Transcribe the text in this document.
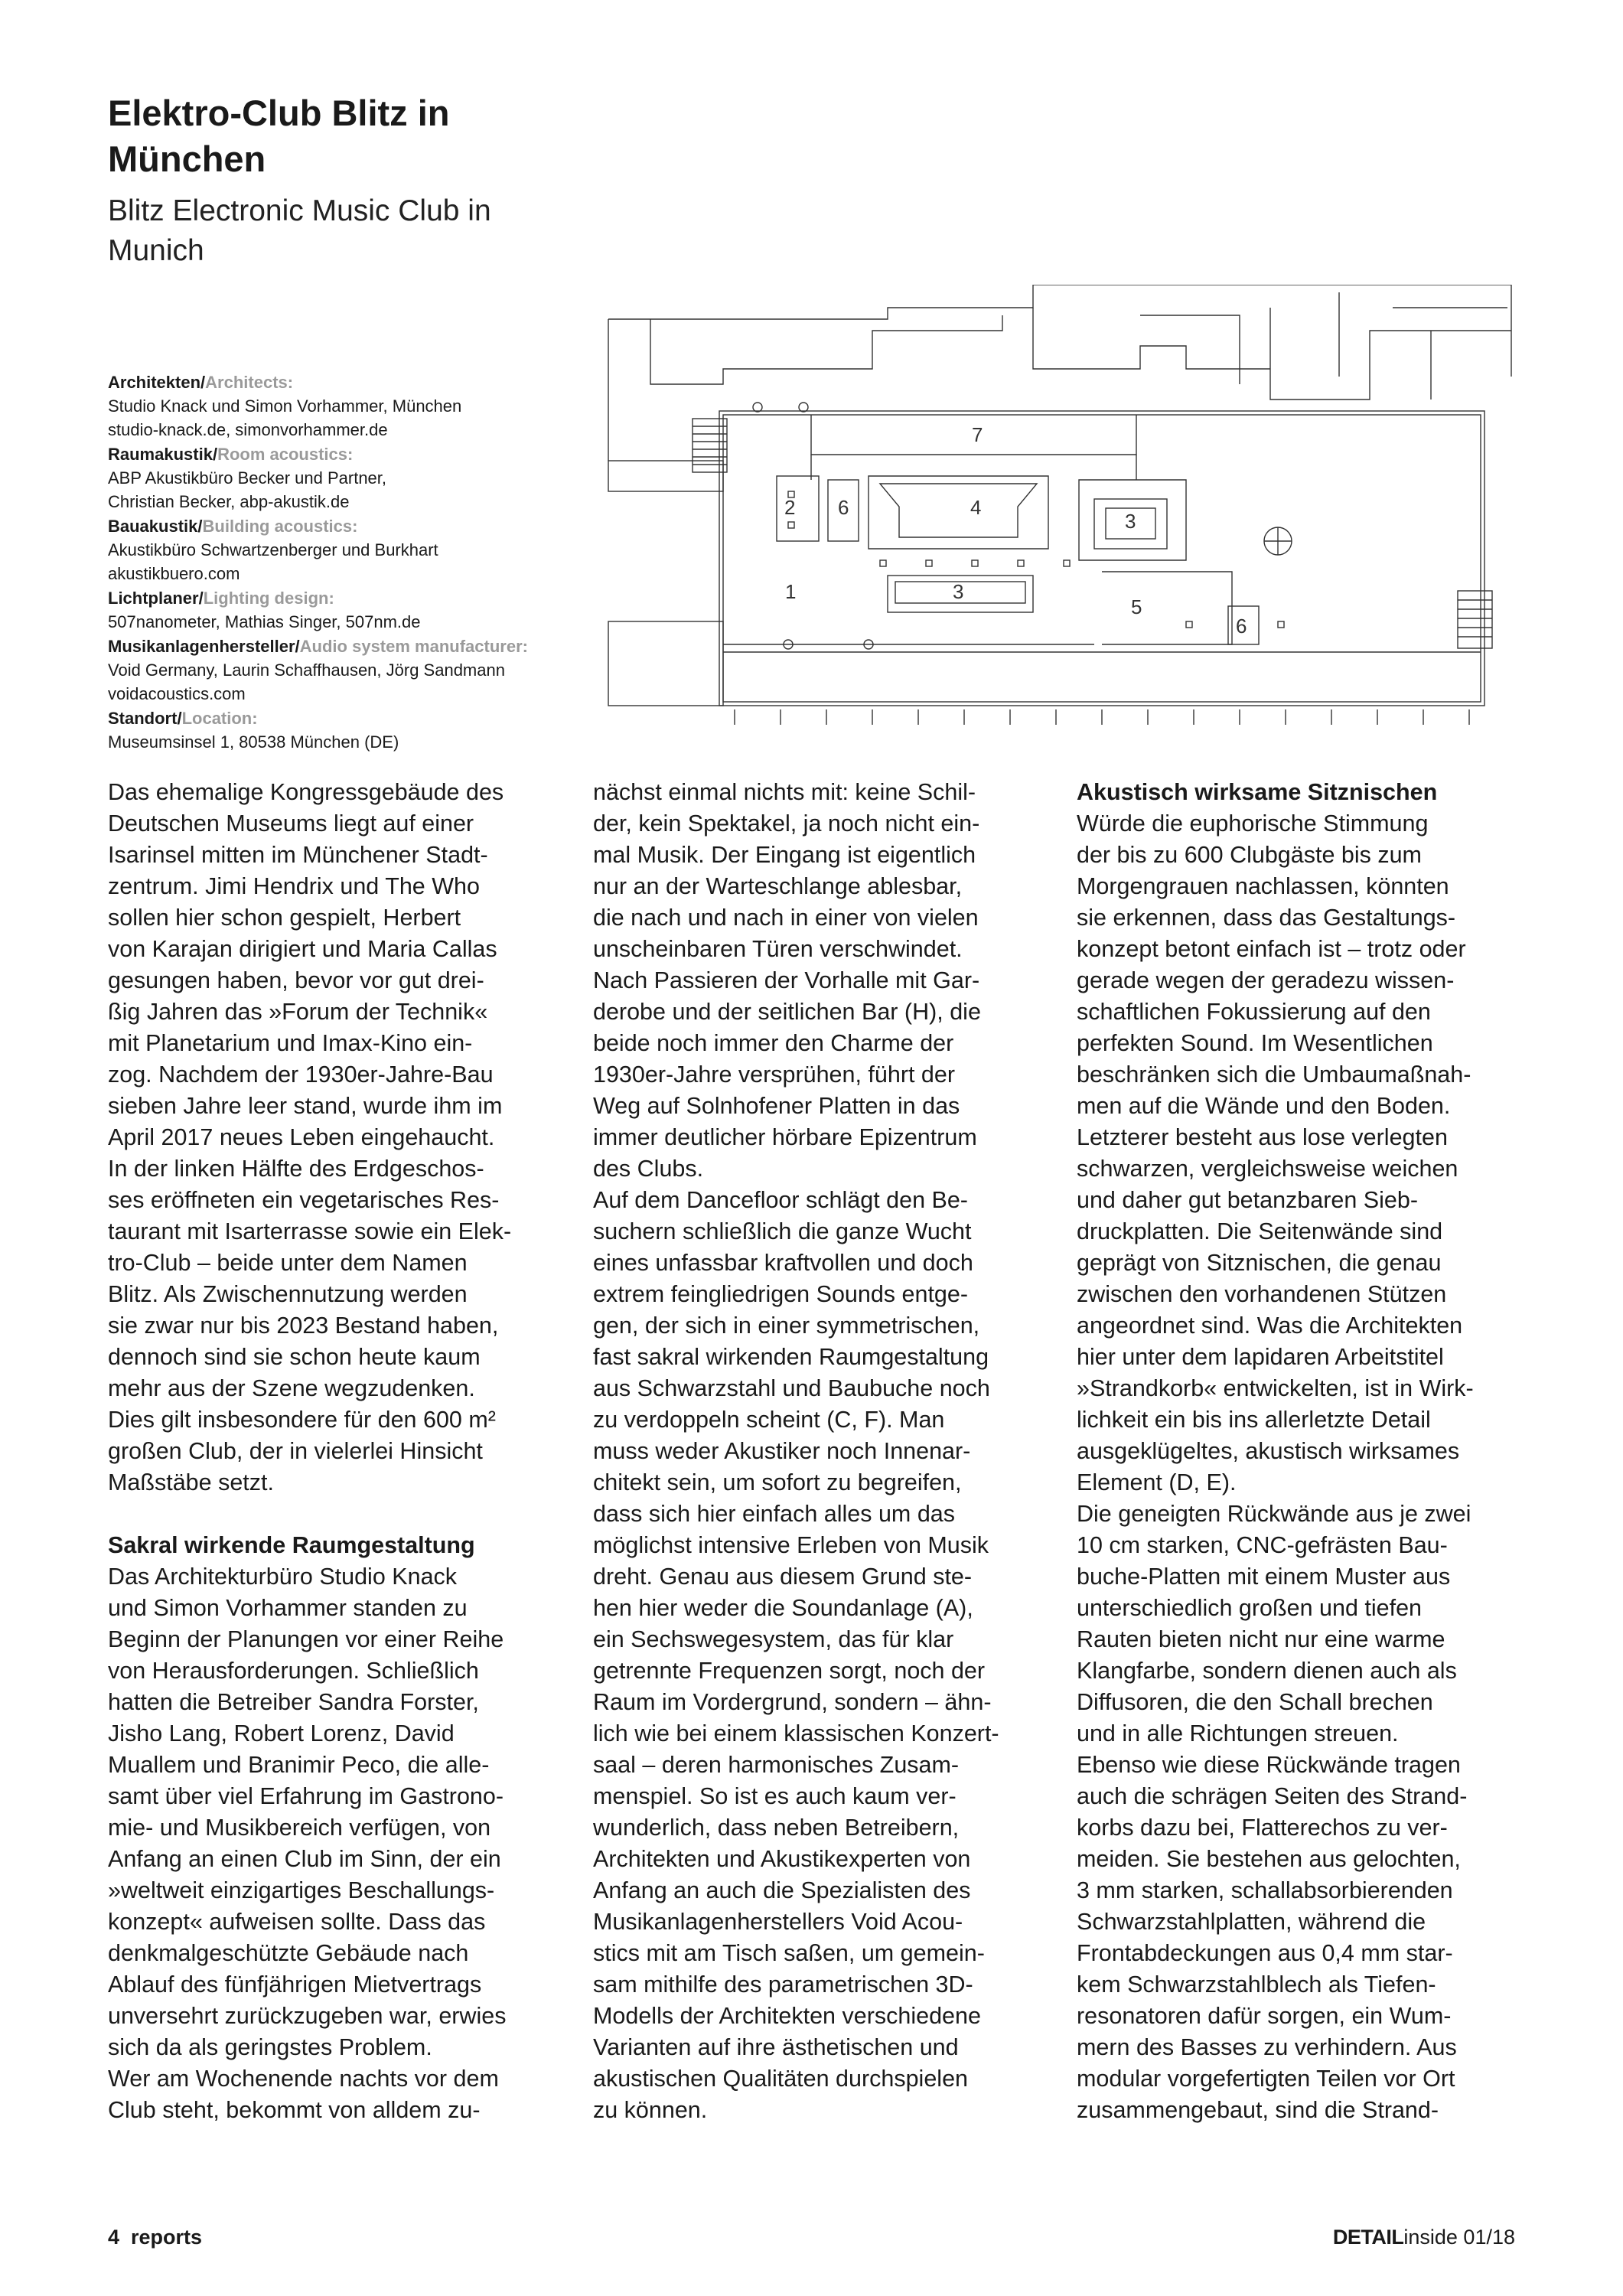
Elektro-Club Blitz in
München
Blitz Electronic Music Club in
Munich
Architekten/Architects:
Studio Knack und Simon Vorhammer, München
studio-knack.de, simonvorhammer.de
Raumakustik/Room acoustics:
ABP Akustikbüro Becker und Partner,
Christian Becker, abp-akustik.de
Bauakustik/Building acoustics:
Akustikbüro Schwartzenberger und Burkhart
akustikbuero.com
Lichtplaner/Lighting design:
507nanometer, Mathias Singer, 507nm.de
Musikanlagenhersteller/Audio system manufacturer:
Void Germany, Laurin Schaffhausen, Jörg Sandmann
voidacoustics.com
Standort/Location:
Museumsinsel 1, 80538 München (DE)
7
2 6	4
3
1	3
5
6

Das ehemalige Kongressgebäude des

Deutschen Museums liegt auf einer

Isarinsel mitten im Münchener Stadt-

zentrum. Jimi Hendrix und The Who

sollen hier schon gespielt, Herbert

von Karajan dirigiert und Maria Callas

gesungen haben, bevor vor gut drei-

ßig Jahren das »Forum der Technik«

mit Planetarium und Imax-Kino ein-

zog. Nachdem der 1930er-Jahre-Bau

sieben Jahre leer stand, wurde ihm im

April 2017 neues Leben eingehaucht.

In der linken Hälfte des Erdgeschos-

ses eröffneten ein vegetarisches Res-

taurant mit Isarterrasse sowie ein Elek-

tro-Club – beide unter dem Namen

Blitz. Als Zwischennutzung werden

sie zwar nur bis 2023 Bestand haben,

dennoch sind sie schon heute kaum

mehr aus der Szene wegzudenken.

Dies gilt insbesondere für den 600 m²

großen Club, der in vielerlei Hinsicht

Maßstäbe setzt.

Sakral wirkende Raumgestaltung

Das Architekturbüro Studio Knack

und Simon Vorhammer standen zu

Beginn der Planungen vor einer Reihe

von Herausforderungen. Schließlich

hatten die Betreiber Sandra Forster,

Jisho Lang, Robert Lorenz, David

Muallem und Branimir Peco, die alle-

samt über viel Erfahrung im Gastrono-

mie- und Musikbereich verfügen, von

Anfang an einen Club im Sinn, der ein

»weltweit einzigartiges Beschallungs-

konzept« aufweisen sollte. Dass das

denkmalgeschützte Gebäude nach

Ablauf des fünfjährigen Mietvertrags

unversehrt zurückzugeben war, erwies

sich da als geringstes Problem.

Wer am Wochenende nachts vor dem

Club steht, bekommt von alldem zu-

nächst einmal nichts mit: keine Schil-

der, kein Spektakel, ja noch nicht ein-

mal Musik. Der Eingang ist eigentlich

nur an der Warteschlange ablesbar,

die nach und nach in einer von vielen

unscheinbaren Türen verschwindet.

Nach Passieren der Vorhalle mit Gar-

derobe und der seitlichen Bar (H), die

beide noch immer den Charme der

1930er-Jahre versprühen, führt der

Weg auf Solnhofener Platten in das

immer deutlicher hörbare Epizentrum

des Clubs.

Auf dem Dancefloor schlägt den Be-

suchern schließlich die ganze Wucht

eines unfassbar kraftvollen und doch

extrem feingliedrigen Sounds entge-

gen, der sich in einer symmetrischen,

fast sakral wirkenden Raumgestaltung

aus Schwarzstahl und Baubuche noch

zu verdoppeln scheint (C, F). Man

muss weder Akustiker noch Innenar-

chitekt sein, um sofort zu begreifen,

dass sich hier einfach alles um das

möglichst intensive Erleben von Musik

dreht. Genau aus diesem Grund ste-

hen hier weder die Soundanlage (A),

ein Sechswegesystem, das für klar

getrennte Frequenzen sorgt, noch der

Raum im Vordergrund, sondern – ähn-

lich wie bei einem klassischen Konzert-

saal – deren harmonisches Zusam-

menspiel. So ist es auch kaum ver-

wunderlich, dass neben Betreibern,

Architekten und Akustikexperten von

Anfang an auch die Spezialisten des

Musikanlagenherstellers Void Acou-

stics mit am Tisch saßen, um gemein-

sam mithilfe des parametrischen 3D-

Modells der Architekten verschiedene

Varianten auf ihre ästhetischen und

akustischen Qualitäten durchspielen

zu können.

Akustisch wirksame Sitznischen

Würde die euphorische Stimmung

der bis zu 600 Clubgäste bis zum

Morgengrauen nachlassen, könnten

sie erkennen, dass das Gestaltungs-

konzept betont einfach ist – trotz oder

gerade wegen der geradezu wissen-

schaftlichen Fokussierung auf den

perfekten Sound. Im Wesentlichen

beschränken sich die Umbaumaßnah-

men auf die Wände und den Boden.

Letzterer besteht aus lose verlegten

schwarzen, vergleichsweise weichen

und daher gut betanzbaren Sieb-

druckplatten. Die Seitenwände sind

geprägt von Sitznischen, die genau

zwischen den vorhandenen Stützen

angeordnet sind. Was die Architekten

hier unter dem lapidaren Arbeitstitel

»Strandkorb« entwickelten, ist in Wirk-

lichkeit ein bis ins allerletzte Detail

ausgeklügeltes, akustisch wirksames

Element (D, E).

Die geneigten Rückwände aus je zwei

10 cm starken, CNC-gefrästen Bau-

buche-Platten mit einem Muster aus

unterschiedlich großen und tiefen

Rauten bieten nicht nur eine warme

Klangfarbe, sondern dienen auch als

Diffusoren, die den Schall brechen

und in alle Richtungen streuen.

Ebenso wie diese Rückwände tragen

auch die schrägen Seiten des Strand-

korbs dazu bei, Flatterechos zu ver-

meiden. Sie bestehen aus gelochten,

3 mm starken, schallabsorbierenden

Schwarzstahlplatten, während die

Frontabdeckungen aus 0,4 mm star-

kem Schwarzstahlblech als Tiefen-

resonatoren dafür sorgen, ein Wum-

mern des Basses zu verhindern. Aus

modular vorgefertigten Teilen vor Ort

zusammengebaut, sind die Strand-

4  reports	DETAILinside 01/18
